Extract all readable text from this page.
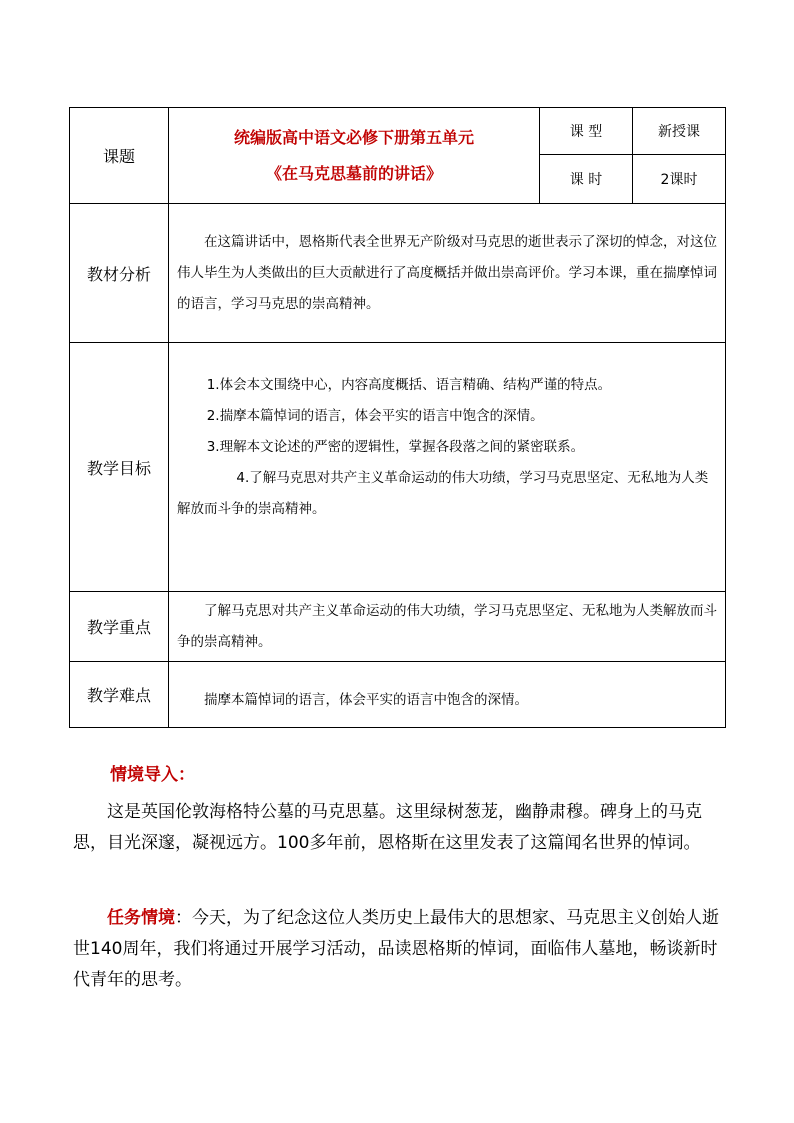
课题	统编版高中语文必修下册第五单元
《在马克思墓前的讲话》	课 型	新授课
		课 时	2课时
教材分析	在这篇讲话中，恩格斯代表全世界无产阶级对马克思的逝世表示了深切的悼念，对这位伟人毕生为人类做出的巨大贡献进行了高度概括并做出崇高评价。学习本课，重在揣摩悼词的语言，学习马克思的崇高精神。		

教学目标	1.体会本文围绕中心，内容高度概括、语言精确、结构严谨的特点。

2.揣摩本篇悼词的语言，体会平实的语言中饱含的深情。

3.理解本文论述的严密的逻辑性，掌握各段落之间的紧密联系。

4.了解马克思对共产主义革命运动的伟大功绩，学习马克思坚定、无私地为人类解放而斗争的崇高精神。		

教学重点	了解马克思对共产主义革命运动的伟大功绩，学习马克思坚定、无私地为人类解放而斗争的崇高精神。		

教学难点	揣摩本篇悼词的语言，体会平实的语言中饱含的深情。		

情境导入：

这是英国伦敦海格特公墓的马克思墓。这里绿树葱茏，幽静肃穆。碑身上的马克思，目光深邃，凝视远方。100多年前，恩格斯在这里发表了这篇闻名世界的悼词。

任务情境：今天，为了纪念这位人类历史上最伟大的思想家、马克思主义创始人逝世140周年，我们将通过开展学习活动，品读恩格斯的悼词，面临伟人墓地，畅谈新时代青年的思考。
